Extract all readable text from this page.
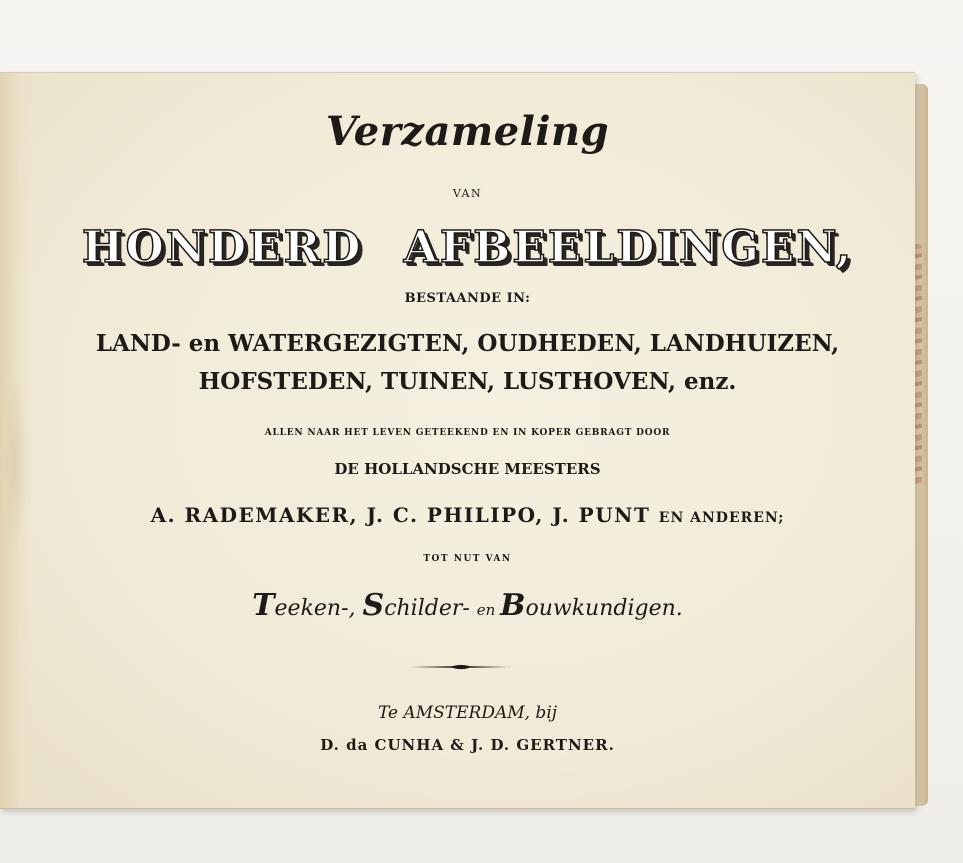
Verzameling
VAN
HONDERD AFBEELDINGEN,
BESTAANDE IN:
LAND- en WATERGEZIGTEN, OUDHEDEN, LANDHUIZEN,
HOFSTEDEN, TUINEN, LUSTHOVEN, enz.
ALLEN NAAR HET LEVEN GETEEKEND EN IN KOPER GEBRAGT DOOR
DE HOLLANDSCHE MEESTERS
A. RADEMAKER, J. C. PHILIPO, J. PUNT EN ANDEREN;
TOT NUT VAN
Teeken-, Schilder- en Bouwkundigen.
Te AMSTERDAM, bij
D. da CUNHA & J. D. GERTNER.
